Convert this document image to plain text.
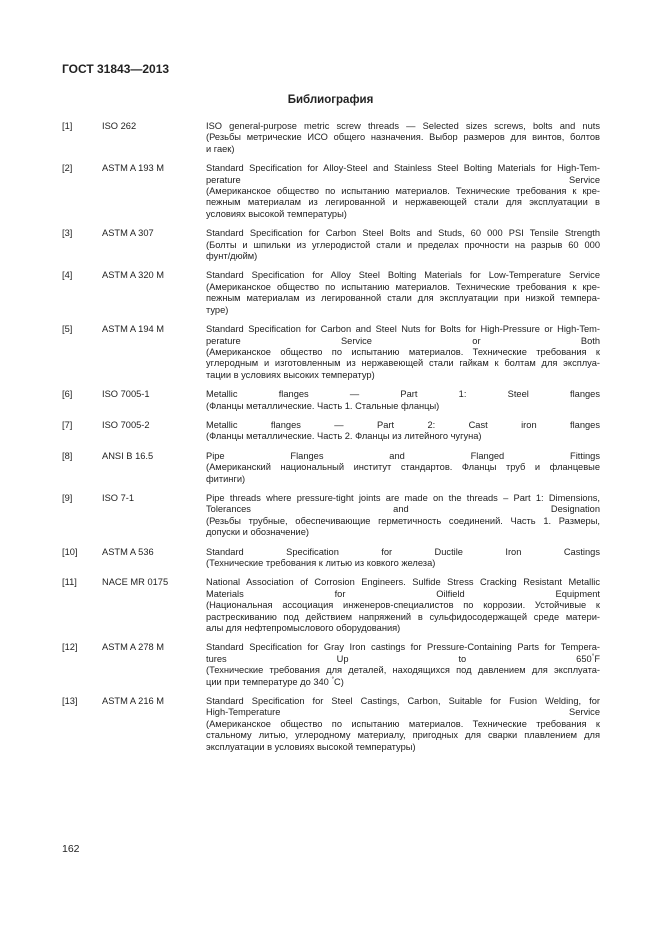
ГОСТ 31843—2013

Библиография
[1]	ISO 262	ISO general-purpose metric screw threads — Selected sizes screws, bolts and nuts
(Резьбы метрические ИСО общего назначения. Выбор размеров для винтов, болтов
и гаек)
[2]	ASTM A 193 M	Standard Specification for Alloy-Steel and Stainless Steel Bolting Materials for High-Tem-
perature Service
(Американское общество по испытанию материалов. Технические требования к кре-
пежным материалам из легированной и нержавеющей стали для эксплуатации в
условиях высокой температуры)
[3]	ASTM A 307	Standard Specification for Carbon Steel Bolts and Studs, 60 000 PSI Tensile Strength
(Болты и шпильки из углеродистой стали и пределах прочности на разрыв 60 000
фунт/дюйм)
[4]	ASTM A 320 M	Standard Specification for Alloy Steel Bolting Materials for Low-Temperature Service
(Американское общество по испытанию материалов. Технические требования к кре-
пежным материалам из легированной стали для эксплуатации при низкой темпера-
туре)
[5]	ASTM A 194 M	Standard Specification for Carbon and Steel Nuts for Bolts for High-Pressure or High-Tem-
perature Service or Both
(Американское общество по испытанию материалов. Технические требования к
углеродным и изготовленным из нержавеющей стали гайкам к болтам для эксплуа-
тации в условиях высоких температур)
[6]	ISO 7005-1	Metallic flanges — Part 1: Steel flanges
(Фланцы металлические. Часть 1. Стальные фланцы)
[7]	ISO 7005-2	Metallic flanges — Part 2: Cast iron flanges
(Фланцы металлические. Часть 2. Фланцы из литейного чугуна)
[8]	ANSI B 16.5	Pipe Flanges and Flanged Fittings
(Американский национальный институт стандартов. Фланцы труб и фланцевые
фитинги)
[9]	ISO 7-1	Pipe threads where pressure-tight joints are made on the threads – Part 1: Dimensions,
Tolerances and Designation
(Резьбы трубные, обеспечивающие герметичность соединений. Часть 1. Размеры,
допуски и обозначение)
[10]	ASTM A 536	Standard Specification for Ductile Iron Castings
(Технические требования к литью из ковкого железа)
[11]	NACE MR 0175	National Association of Corrosion Engineers. Sulfide Stress Cracking Resistant Metallic
Materials for Oilfield Equipment
(Национальная ассоциация инженеров-специалистов по коррозии. Устойчивые к
растрескиванию под действием напряжений в сульфидосодержащей среде матери-
алы для нефтепромыслового оборудования)
[12]	ASTM A 278 M	Standard Specification for Gray Iron castings for Pressure-Containing Parts for Tempera-
tures Up to 650°F
(Технические требования для деталей, находящихся под давлением для эксплуата-
ции при температуре до 340 °С)
[13]	ASTM A 216 M	Standard Specification for Steel Castings, Carbon, Suitable for Fusion Welding, for
High-Temperature Service
(Американское общество по испытанию материалов. Технические требования к
стальному литью, углеродному материалу, пригодных для сварки плавлением для
эксплуатации в условиях высокой температуры)

162
